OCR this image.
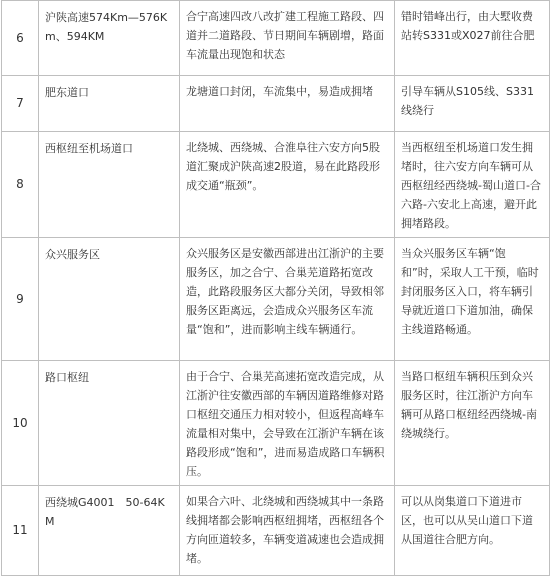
6	沪陕高速574Km—576Km、594KM	合宁高速四改八改扩建工程施工路段、四道并二道路段、节日期间车辆剧增，路面车流量出现饱和状态	错时错峰出行，由大墅收费站转S331或X027前往合肥
7	肥东道口	龙塘道口封闭，车流集中，易造成拥堵	引导车辆从S105线、S331线绕行
8	西枢纽至机场道口	北绕城、西绕城、合淮阜往六安方向5股道汇聚成沪陕高速2股道，易在此路段形成交通“瓶颈”。	当西枢纽至机场道口发生拥堵时，往六安方向车辆可从西枢纽经西绕城-蜀山道口-合六路-六安北上高速，避开此拥堵路段。
9	众兴服务区	众兴服务区是安徽西部进出江浙沪的主要服务区，加之合宁、合巢芜道路拓宽改造，此路段服务区大都分关闭，导致相邻服务区距离远，会造成众兴服务区车流量“饱和”，进而影响主线车辆通行。	当众兴服务区车辆“饱和”时，采取人工干预，临时封闭服务区入口，将车辆引导就近道口下道加油，确保主线道路畅通。
10	路口枢纽	由于合宁、合巢芜高速拓宽改造完成，从江浙沪往安徽西部的车辆因道路维修对路口枢纽交通压力相对较小，但返程高峰车流量相对集中，会导致在江浙沪车辆在该路段形成“饱和”，进而易造成路口车辆积压。	当路口枢纽车辆积压到众兴服务区时，往江浙沪方向车辆可从路口枢纽经西绕城-南绕城绕行。
11	西绕城G4001　50-64KM	如果合六叶、北绕城和西绕城其中一条路线拥堵都会影响西枢纽拥堵，西枢纽各个方向匝道较多，车辆变道减速也会造成拥堵。	可以从岗集道口下道进市区，也可以从吴山道口下道从国道往合肥方向。
